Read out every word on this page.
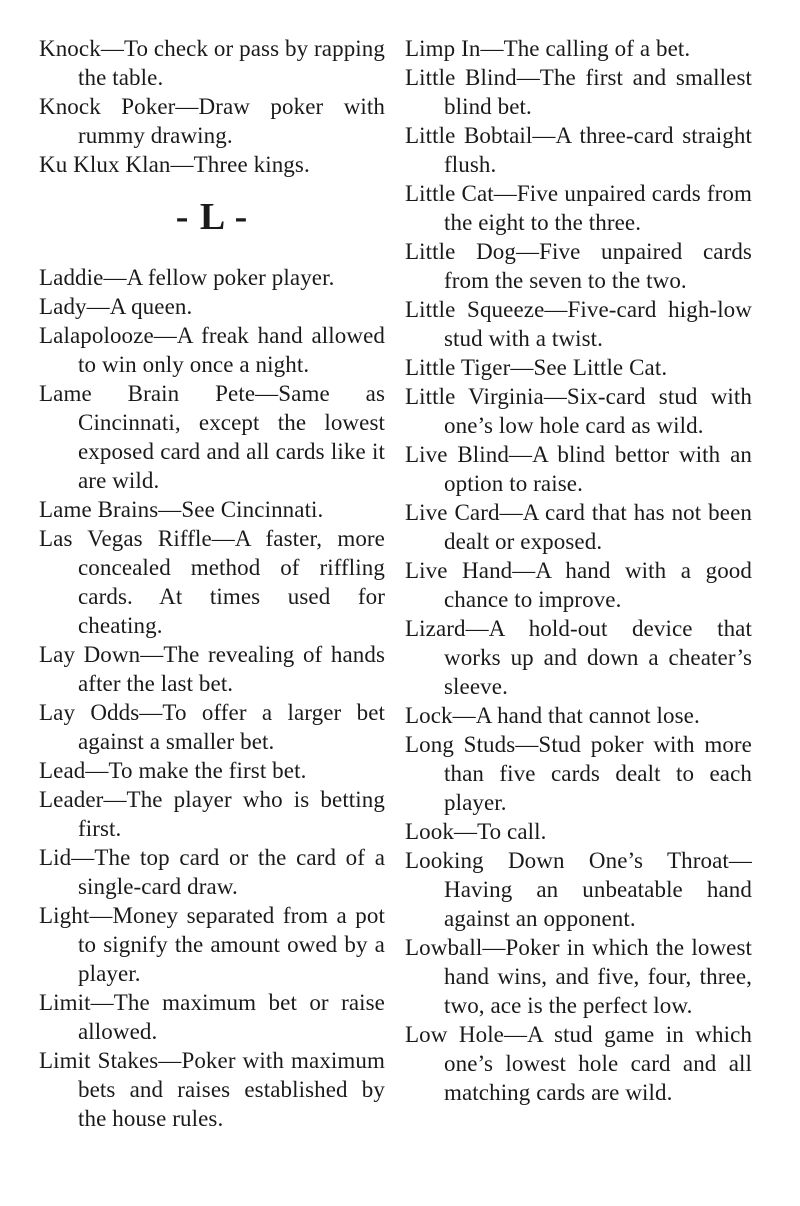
Knock—To check or pass by rapping the table.

Knock Poker—Draw poker with rummy drawing.

Ku Klux Klan—Three kings.

- L -

Laddie—A fellow poker player.

Lady—A queen.

Lalapolooze—A freak hand allowed to win only once a night.

Lame Brain Pete—Same as Cincinnati, except the lowest exposed card and all cards like it are wild.

Lame Brains—See Cincinnati.

Las Vegas Riffle—A faster, more concealed method of riffling cards. At times used for cheating.

Lay Down—The revealing of hands after the last bet.

Lay Odds—To offer a larger bet against a smaller bet.

Lead—To make the first bet.

Leader—The player who is betting first.

Lid—The top card or the card of a single-card draw.

Light—Money separated from a pot to signify the amount owed by a player.

Limit—The maximum bet or raise allowed.

Limit Stakes—Poker with maximum bets and raises established by the house rules.

Limp In—The calling of a bet.

Little Blind—The first and smallest blind bet.

Little Bobtail—A three-card straight flush.

Little Cat—Five unpaired cards from the eight to the three.

Little Dog—Five unpaired cards from the seven to the two.

Little Squeeze—Five-card high-low stud with a twist.

Little Tiger—See Little Cat.

Little Virginia—Six-card stud with one’s low hole card as wild.

Live Blind—A blind bettor with an option to raise.

Live Card—A card that has not been dealt or exposed.

Live Hand—A hand with a good chance to improve.

Lizard—A hold-out device that works up and down a cheater’s sleeve.

Lock—A hand that cannot lose.

Long Studs—Stud poker with more than five cards dealt to each player.

Look—To call.

Looking Down One’s Throat—Having an unbeatable hand against an opponent.

Lowball—Poker in which the lowest hand wins, and five, four, three, two, ace is the perfect low.

Low Hole—A stud game in which one’s lowest hole card and all matching cards are wild.
